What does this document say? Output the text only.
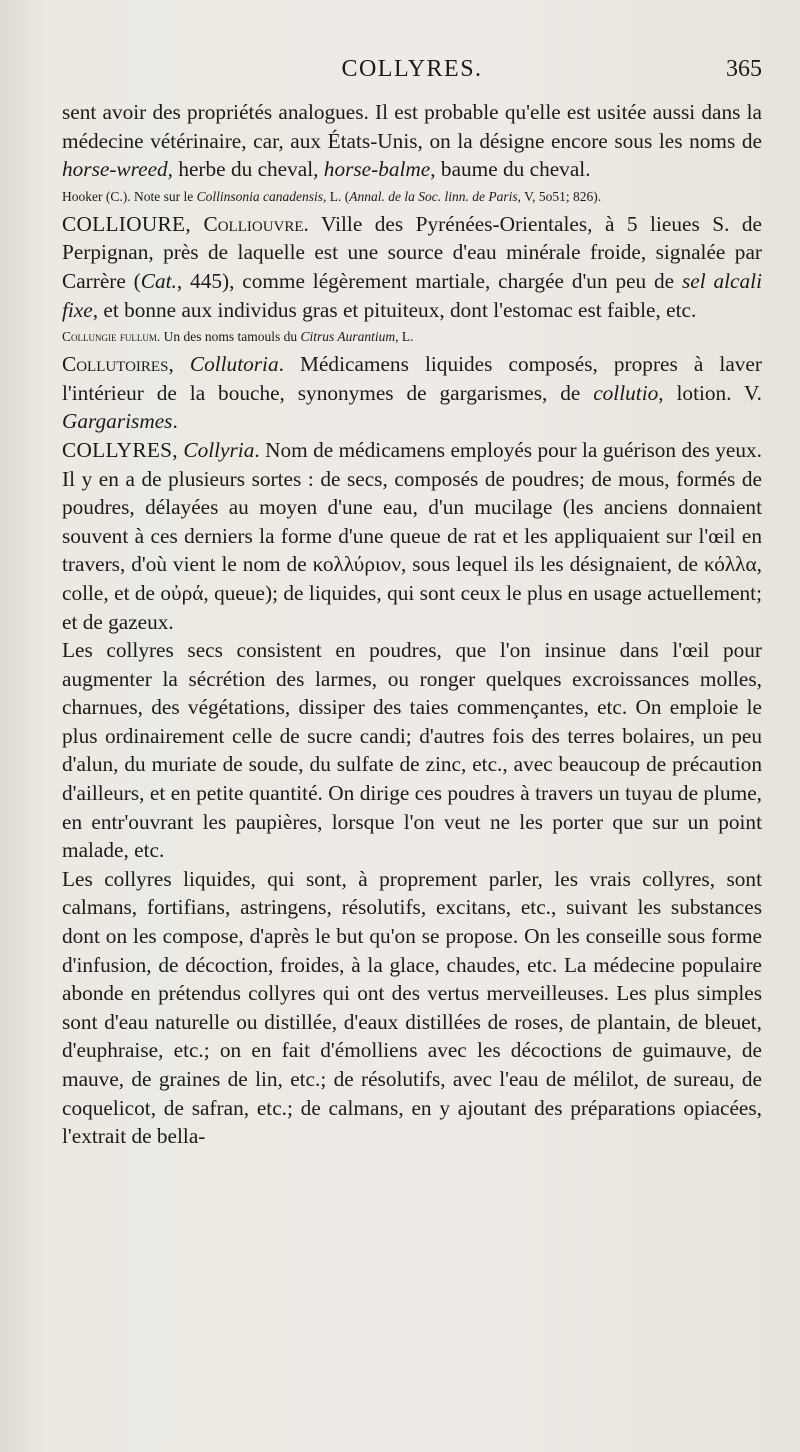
COLLYRES.	365

sent avoir des propriétés analogues. Il est probable qu'elle est usitée aussi dans la médecine vétérinaire, car, aux États-Unis, on la désigne encore sous les noms de horse-wreed, herbe du cheval, horse-balme, baume du cheval.

Hooker (C.). Note sur le Collinsonia canadensis, L. (Annal. de la Soc. linn. de Paris, V, 5o51; 826).

COLLIOURE, Colliouvre. Ville des Pyrénées-Orientales, à 5 lieues S. de Perpignan, près de laquelle est une source d'eau minérale froide, signalée par Carrère (Cat., 445), comme légèrement martiale, chargée d'un peu de sel alcali fixe, et bonne aux individus gras et pituiteux, dont l'estomac est faible, etc.

Collungie fullum. Un des noms tamouls du Citrus Aurantium, L.

Collutoires, Collutoria. Médicamens liquides composés, propres à laver l'intérieur de la bouche, synonymes de gargarismes, de collutio, lotion. V. Gargarismes.

COLLYRES, Collyria. Nom de médicamens employés pour la guérison des yeux. Il y en a de plusieurs sortes : de secs, composés de poudres; de mous, formés de poudres, délayées au moyen d'une eau, d'un mucilage (les anciens donnaient souvent à ces derniers la forme d'une queue de rat et les appliquaient sur l'œil en travers, d'où vient le nom de κολλύριον, sous lequel ils les désignaient, de κόλλα, colle, et de οὐρά, queue); de liquides, qui sont ceux le plus en usage actuellement; et de gazeux.

Les collyres secs consistent en poudres, que l'on insinue dans l'œil pour augmenter la sécrétion des larmes, ou ronger quelques excroissances molles, charnues, des végétations, dissiper des taies commençantes, etc. On emploie le plus ordinairement celle de sucre candi; d'autres fois des terres bolaires, un peu d'alun, du muriate de soude, du sulfate de zinc, etc., avec beaucoup de précaution d'ailleurs, et en petite quantité. On dirige ces poudres à travers un tuyau de plume, en entr'ouvrant les paupières, lorsque l'on veut ne les porter que sur un point malade, etc.

Les collyres liquides, qui sont, à proprement parler, les vrais collyres, sont calmans, fortifians, astringens, résolutifs, excitans, etc., suivant les substances dont on les compose, d'après le but qu'on se propose. On les conseille sous forme d'infusion, de décoction, froides, à la glace, chaudes, etc. La médecine populaire abonde en prétendus collyres qui ont des vertus merveilleuses. Les plus simples sont d'eau naturelle ou distillée, d'eaux distillées de roses, de plantain, de bleuet, d'euphraise, etc.; on en fait d'émolliens avec les décoctions de guimauve, de mauve, de graines de lin, etc.; de résolutifs, avec l'eau de mélilot, de sureau, de coquelicot, de safran, etc.; de calmans, en y ajoutant des préparations opiacées, l'extrait de bella-
